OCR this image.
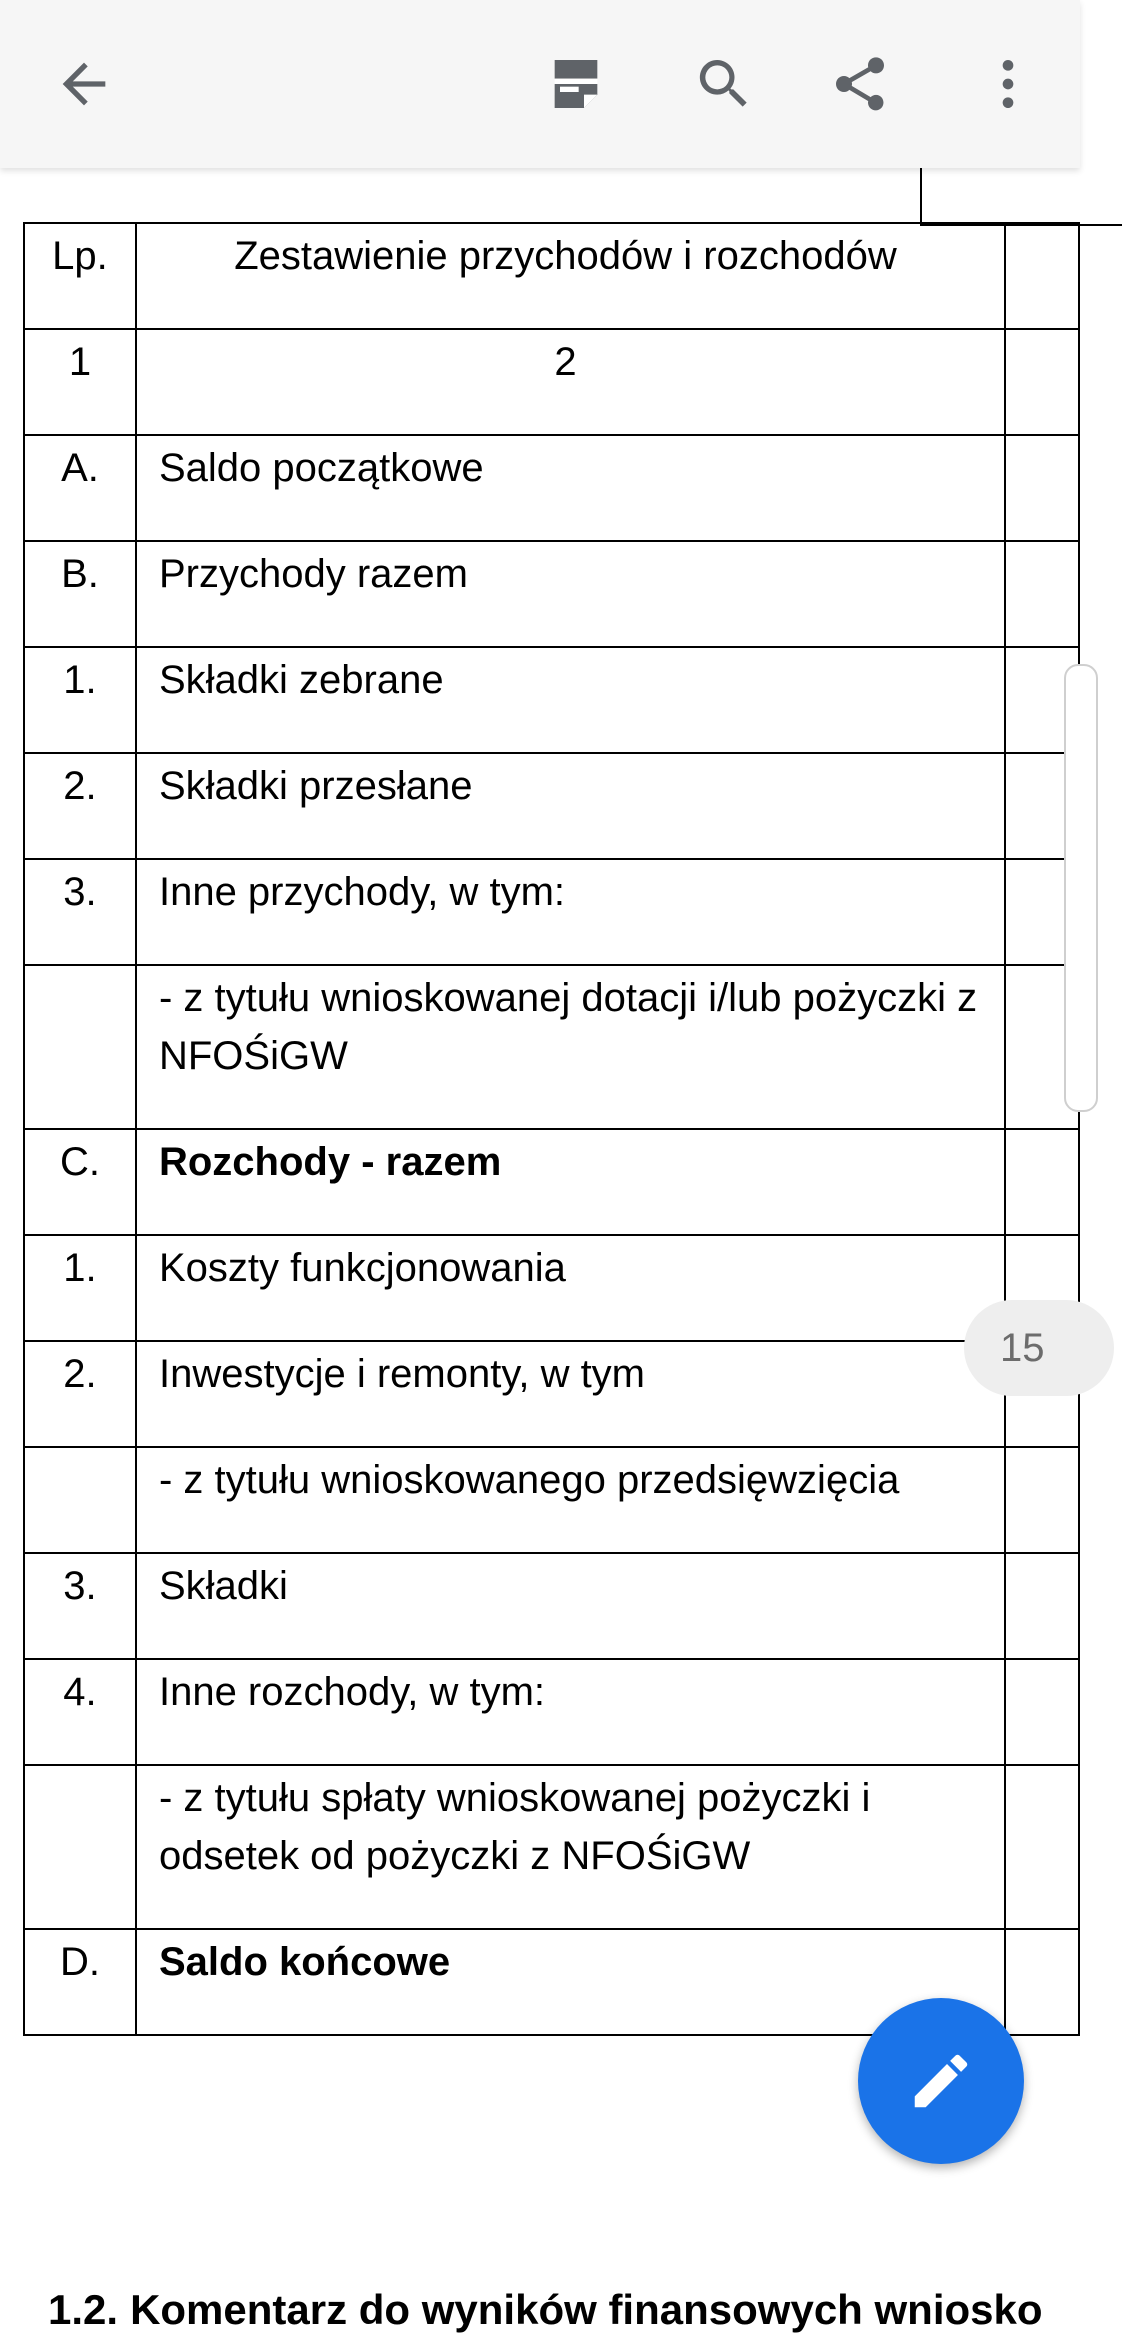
Lp.	Zestawienie przychodów i rozchodów	

1	2	

A.	Saldo początkowe	

B.	Przychody razem	

1.	Składki zebrane	

2.	Składki przesłane	

3.	Inne przychody, w tym:	

	- z tytułu wnioskowanej dotacji i/lub pożyczki z NFOŚiGW	

C.	Rozchody - razem	

1.	Koszty funkcjonowania	

2.	Inwestycje i remonty, w tym	

	- z tytułu wnioskowanego przedsięwzięcia	

3.	Składki	

4.	Inne rozchody, w tym:	

	- z tytułu spłaty wnioskowanej pożyczki i odsetek od pożyczki z NFOŚiGW	

D.	Saldo końcowe	

1.2. Komentarz do wyników finansowych wniosko
15
